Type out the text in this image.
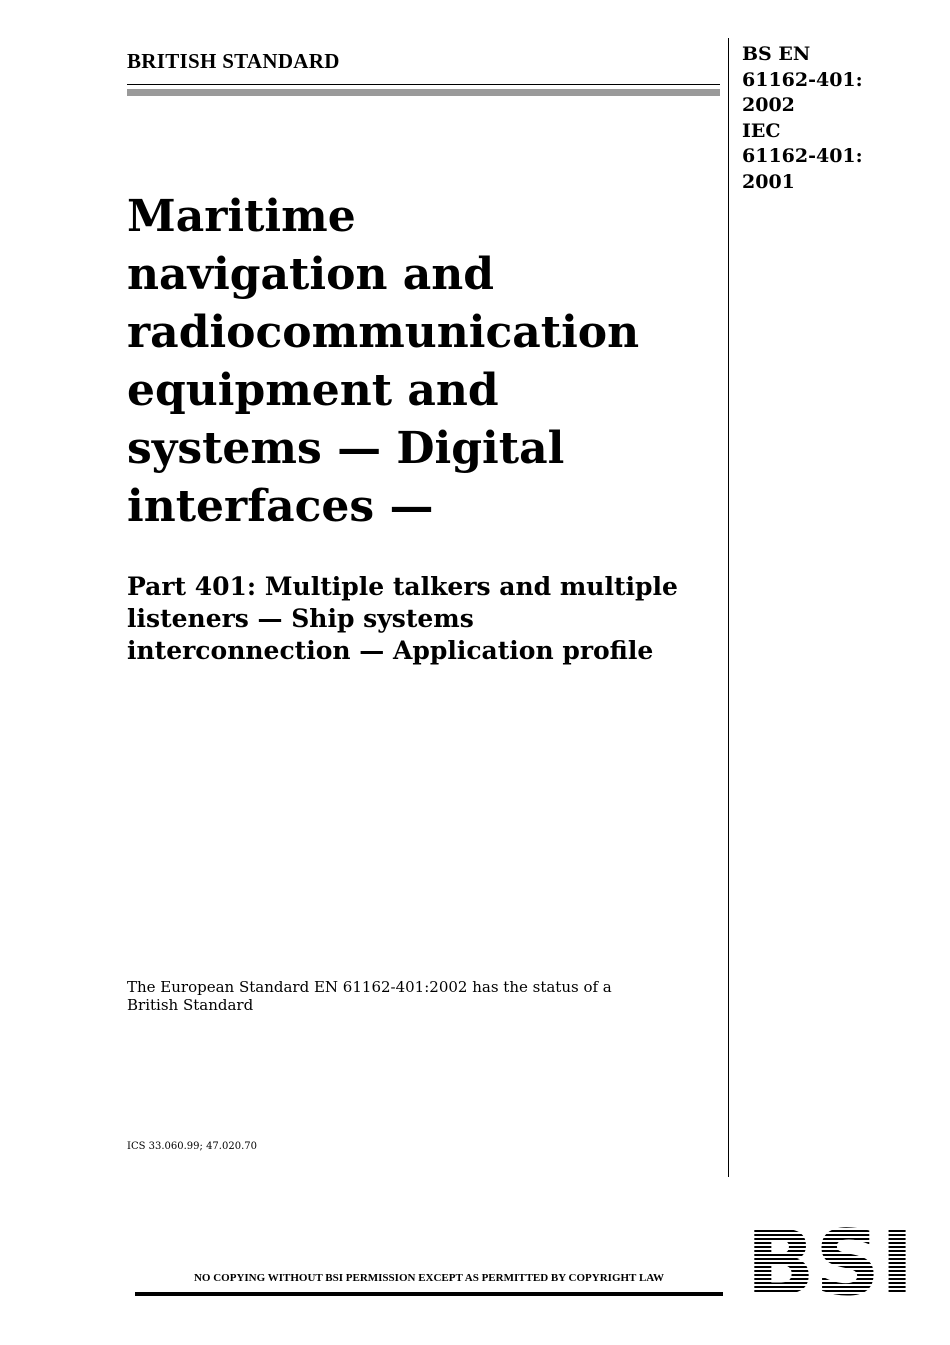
BRITISH STANDARD	BS EN
61162-401:
2002
IEC
61162-401:
2001
Maritime
navigation and
radiocommunication
equipment and
systems — Digital
interfaces —
Part 401: Multiple talkers and multiple
listeners — Ship systems
interconnection — Application profile

The European Standard EN 61162-401:2002 has the status of a
British Standard

ICS 33.060.99; 47.020.70

NO COPYING WITHOUT BSI PERMISSION EXCEPT AS PERMITTED BY COPYRIGHT LAW BSI
